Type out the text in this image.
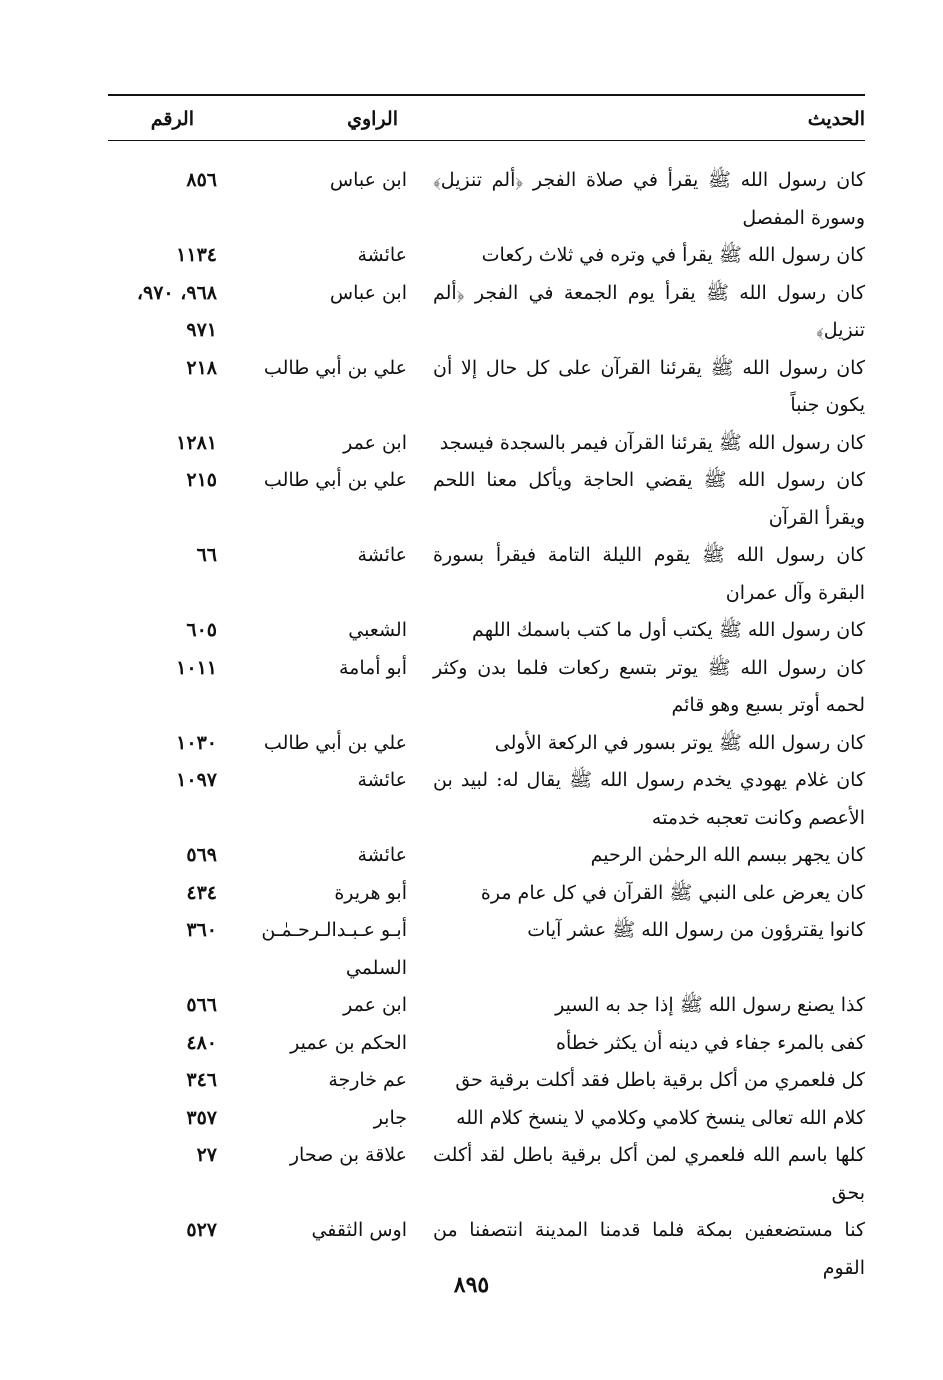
الحديث
الراوي
الرقم
كان رسول الله ﷺ يقرأ في صلاة الفجر ﴿ألم تنزيل﴾ وسورة المفصل
ابن عباس
٨٥٦
كان رسول الله ﷺ يقرأ في وتره في ثلاث ركعات
عائشة
١١٣٤
كان رسول الله ﷺ يقرأ يوم الجمعة في الفجر ﴿ألم تنزيل﴾
ابن عباس
٩٦٨، ٩٧٠، ٩٧١
كان رسول الله ﷺ يقرئنا القرآن على كل حال إلا أن يكون جنباً
علي بن أبي طالب
٢١٨
كان رسول الله ﷺ يقرئنا القرآن فيمر بالسجدة فيسجد
ابن عمر
١٢٨١
كان رسول الله ﷺ يقضي الحاجة ويأكل معنا اللحم ويقرأ القرآن
علي بن أبي طالب
٢١٥
كان رسول الله ﷺ يقوم الليلة التامة فيقرأ بسورة البقرة وآل عمران
عائشة
٦٦
كان رسول الله ﷺ يكتب أول ما كتب باسمك اللهم
الشعبي
٦٠٥
كان رسول الله ﷺ يوتر بتسع ركعات فلما بدن وكثر لحمه أوتر بسبع وهو قائم
أبو أمامة
١٠١١
كان رسول الله ﷺ يوتر بسور في الركعة الأولى
علي بن أبي طالب
١٠٣٠
كان غلام يهودي يخدم رسول الله ﷺ يقال له: لبيد بن الأعصم وكانت تعجبه خدمته
عائشة
١٠٩٧
كان يجهر ببسم الله الرحمٰن الرحيم
عائشة
٥٦٩
كان يعرض على النبي ﷺ القرآن في كل عام مرة
أبو هريرة
٤٣٤
كانوا يقترؤون من رسول الله ﷺ عشر آيات
أبـو عـبـدالـرحـمٰـن السلمي
٣٦٠
كذا يصنع رسول الله ﷺ إذا جد به السير
ابن عمر
٥٦٦
كفى بالمرء جفاء في دينه أن يكثر خطأه
الحكم بن عمير
٤٨٠
كل فلعمري من أكل برقية باطل فقد أكلت برقية حق
عم خارجة
٣٤٦
كلام الله تعالى ينسخ كلامي وكلامي لا ينسخ كلام الله
جابر
٣٥٧
كلها باسم الله فلعمري لمن أكل برقية باطل لقد أكلت بحق
علاقة بن صحار
٢٧
كنا مستضعفين بمكة فلما قدمنا المدينة انتصفنا من القوم
اوس الثقفي
٥٢٧
٨٩٥
